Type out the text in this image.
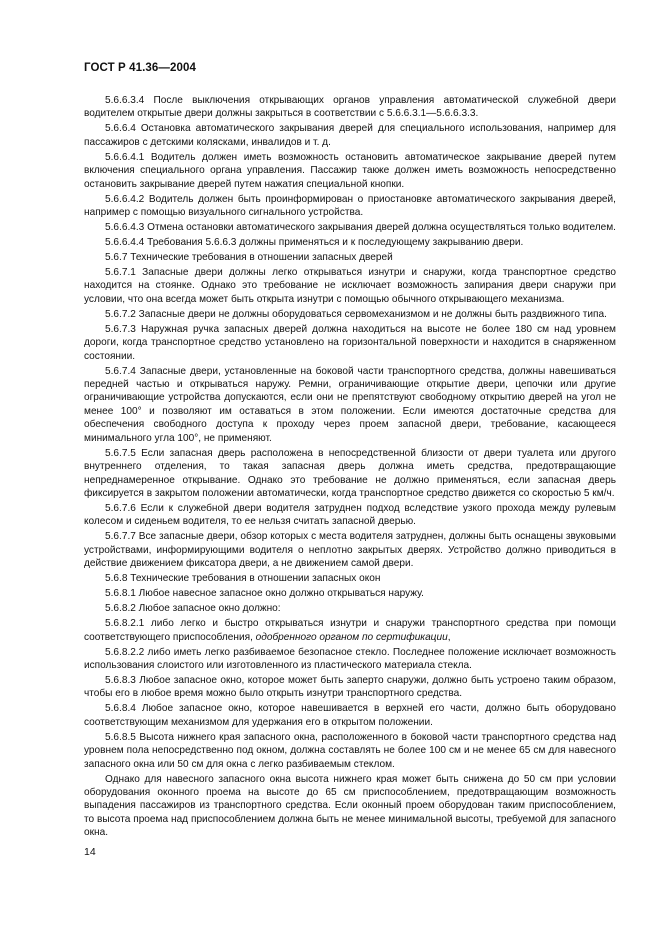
ГОСТ Р 41.36—2004

5.6.6.3.4 После выключения открывающих органов управления автоматической служебной двери водителем открытые двери должны закрыться в соответствии с 5.6.6.3.1—5.6.6.3.3.

5.6.6.4 Остановка автоматического закрывания дверей для специального использования, например для пассажиров с детскими колясками, инвалидов и т. д.

5.6.6.4.1 Водитель должен иметь возможность остановить автоматическое закрывание дверей путем включения специального органа управления. Пассажир также должен иметь возможность непосредственно остановить закрывание дверей путем нажатия специальной кнопки.

5.6.6.4.2 Водитель должен быть проинформирован о приостановке автоматического закрывания дверей, например с помощью визуального сигнального устройства.

5.6.6.4.3 Отмена остановки автоматического закрывания дверей должна осуществляться только водителем.

5.6.6.4.4 Требования 5.6.6.3 должны применяться и к последующему закрыванию двери.

5.6.7 Технические требования в отношении запасных дверей

5.6.7.1 Запасные двери должны легко открываться изнутри и снаружи, когда транспортное средство находится на стоянке. Однако это требование не исключает возможность запирания двери снаружи при условии, что она всегда может быть открыта изнутри с помощью обычного открывающего механизма.

5.6.7.2 Запасные двери не должны оборудоваться сервомеханизмом и не должны быть раздвижного типа.

5.6.7.3 Наружная ручка запасных дверей должна находиться на высоте не более 180 см над уровнем дороги, когда транспортное средство установлено на горизонтальной поверхности и находится в снаряженном состоянии.

5.6.7.4 Запасные двери, установленные на боковой части транспортного средства, должны навешиваться передней частью и открываться наружу. Ремни, ограничивающие открытие двери, цепочки или другие ограничивающие устройства допускаются, если они не препятствуют свободному открытию дверей на угол не менее 100° и позволяют им оставаться в этом положении. Если имеются достаточные средства для обеспечения свободного доступа к проходу через проем запасной двери, требование, касающееся минимального угла 100°, не применяют.

5.6.7.5 Если запасная дверь расположена в непосредственной близости от двери туалета или другого внутреннего отделения, то такая запасная дверь должна иметь средства, предотвращающие непреднамеренное открывание. Однако это требование не должно применяться, если запасная дверь фиксируется в закрытом положении автоматически, когда транспортное средство движется со скоростью 5 км/ч.

5.6.7.6 Если к служебной двери водителя затруднен подход вследствие узкого прохода между рулевым колесом и сиденьем водителя, то ее нельзя считать запасной дверью.

5.6.7.7 Все запасные двери, обзор которых с места водителя затруднен, должны быть оснащены звуковыми устройствами, информирующими водителя о неплотно закрытых дверях. Устройство должно приводиться в действие движением фиксатора двери, а не движением самой двери.

5.6.8 Технические требования в отношении запасных окон

5.6.8.1 Любое навесное запасное окно должно открываться наружу.

5.6.8.2 Любое запасное окно должно:

5.6.8.2.1 либо легко и быстро открываться изнутри и снаружи транспортного средства при помощи соответствующего приспособления, одобренного органом по сертификации,

5.6.8.2.2 либо иметь легко разбиваемое безопасное стекло. Последнее положение исключает возможность использования слоистого или изготовленного из пластического материала стекла.

5.6.8.3 Любое запасное окно, которое может быть заперто снаружи, должно быть устроено таким образом, чтобы его в любое время можно было открыть изнутри транспортного средства.

5.6.8.4 Любое запасное окно, которое навешивается в верхней его части, должно быть оборудовано соответствующим механизмом для удержания его в открытом положении.

5.6.8.5 Высота нижнего края запасного окна, расположенного в боковой части транспортного средства над уровнем пола непосредственно под окном, должна составлять не более 100 см и не менее 65 см для навесного запасного окна или 50 см для окна с легко разбиваемым стеклом.

Однако для навесного запасного окна высота нижнего края может быть снижена до 50 см при условии оборудования оконного проема на высоте до 65 см приспособлением, предотвращающим возможность выпадения пассажиров из транспортного средства. Если оконный проем оборудован таким приспособлением, то высота проема над приспособлением должна быть не менее минимальной высоты, требуемой для запасного окна.

14
